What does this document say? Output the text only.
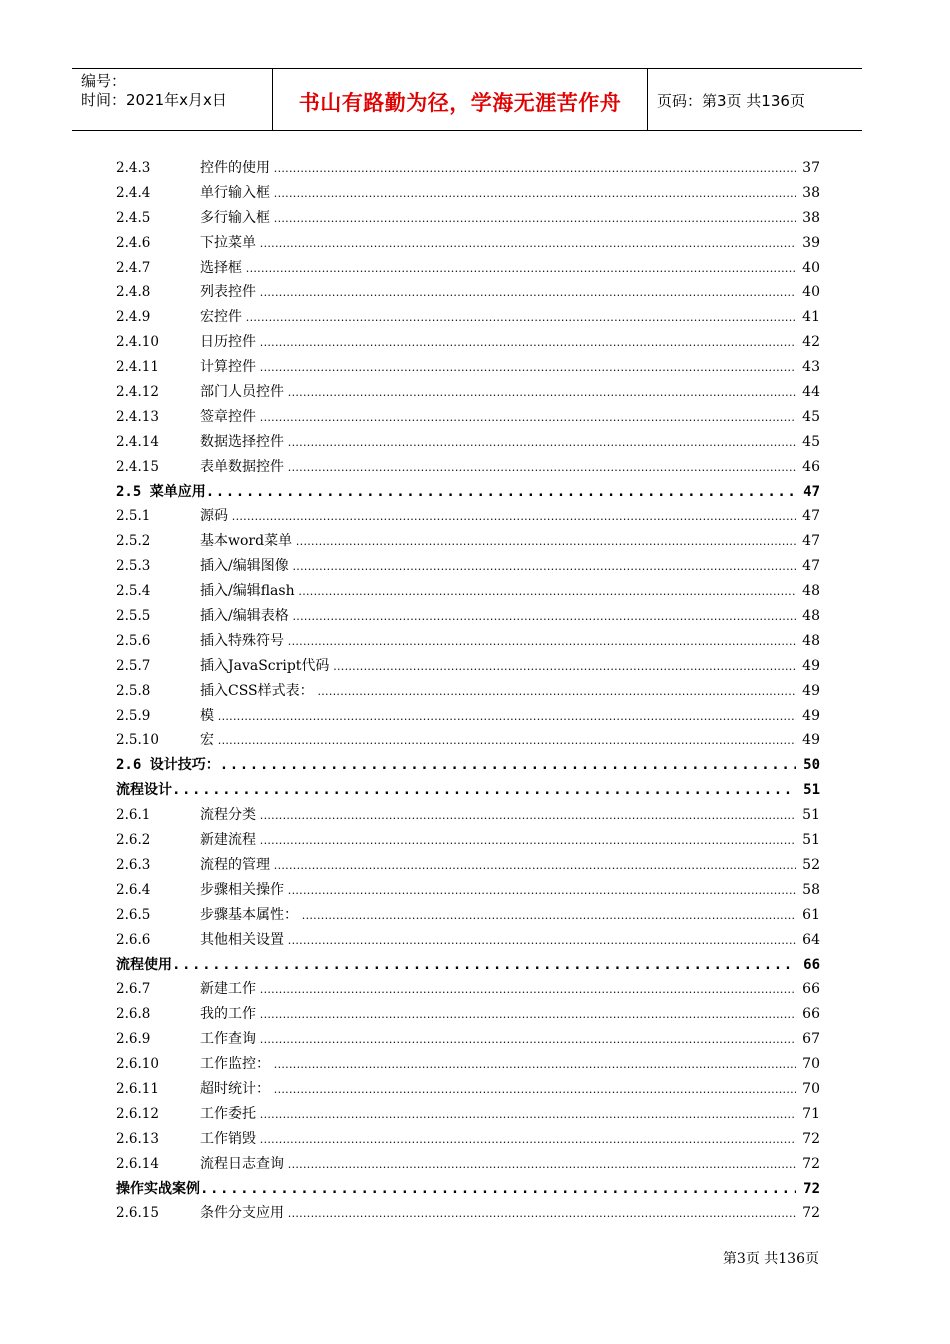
编号：
时间：2021年x月x日	书山有路勤为径，学海无涯苦作舟	页码：第3页 共136页
2.4.3	控件的使用 .....	37
2.4.4	单行输入框 .....	38
2.4.5	多行输入框 .....	38
2.4.6	下拉菜单 .....	39
2.4.7	选择框 .....	40
2.4.8	列表控件 .....	40
2.4.9	宏控件 .....	41
2.4.10	日历控件 .....	42
2.4.11	计算控件 .....	43
2.4.12	部门人员控件 .....	44
2.4.13	签章控件 .....	45
2.4.14	数据选择控件 .....	45
2.4.15	表单数据控件 .....	46
2.5 菜单应用 .....	47
2.5.1	源码 .....	47
2.5.2	基本word菜单 .....	47
2.5.3	插入/编辑图像 .....	47
2.5.4	插入/编辑flash .....	48
2.5.5	插入/编辑表格 .....	48
2.5.6	插入特殊符号 .....	48
2.5.7	插入JavaScript代码 .....	49
2.5.8	插入CSS样式表： .....	49
2.5.9	模 .....	49
2.5.10	宏 .....	49
2.6 设计技巧： .....	50
流程设计 .....	51
2.6.1	流程分类 .....	51
2.6.2	新建流程 .....	51
2.6.3	流程的管理 .....	52
2.6.4	步骤相关操作 .....	58
2.6.5	步骤基本属性： .....	61
2.6.6	其他相关设置 .....	64
流程使用 .....	66
2.6.7	新建工作 .....	66
2.6.8	我的工作 .....	66
2.6.9	工作查询 .....	67
2.6.10	工作监控： .....	70
2.6.11	超时统计： .....	70
2.6.12	工作委托 .....	71
2.6.13	工作销毁 .....	72
2.6.14	流程日志查询 .....	72
操作实战案例 .....	72
2.6.15	条件分支应用 .....	72
第3页 共136页
